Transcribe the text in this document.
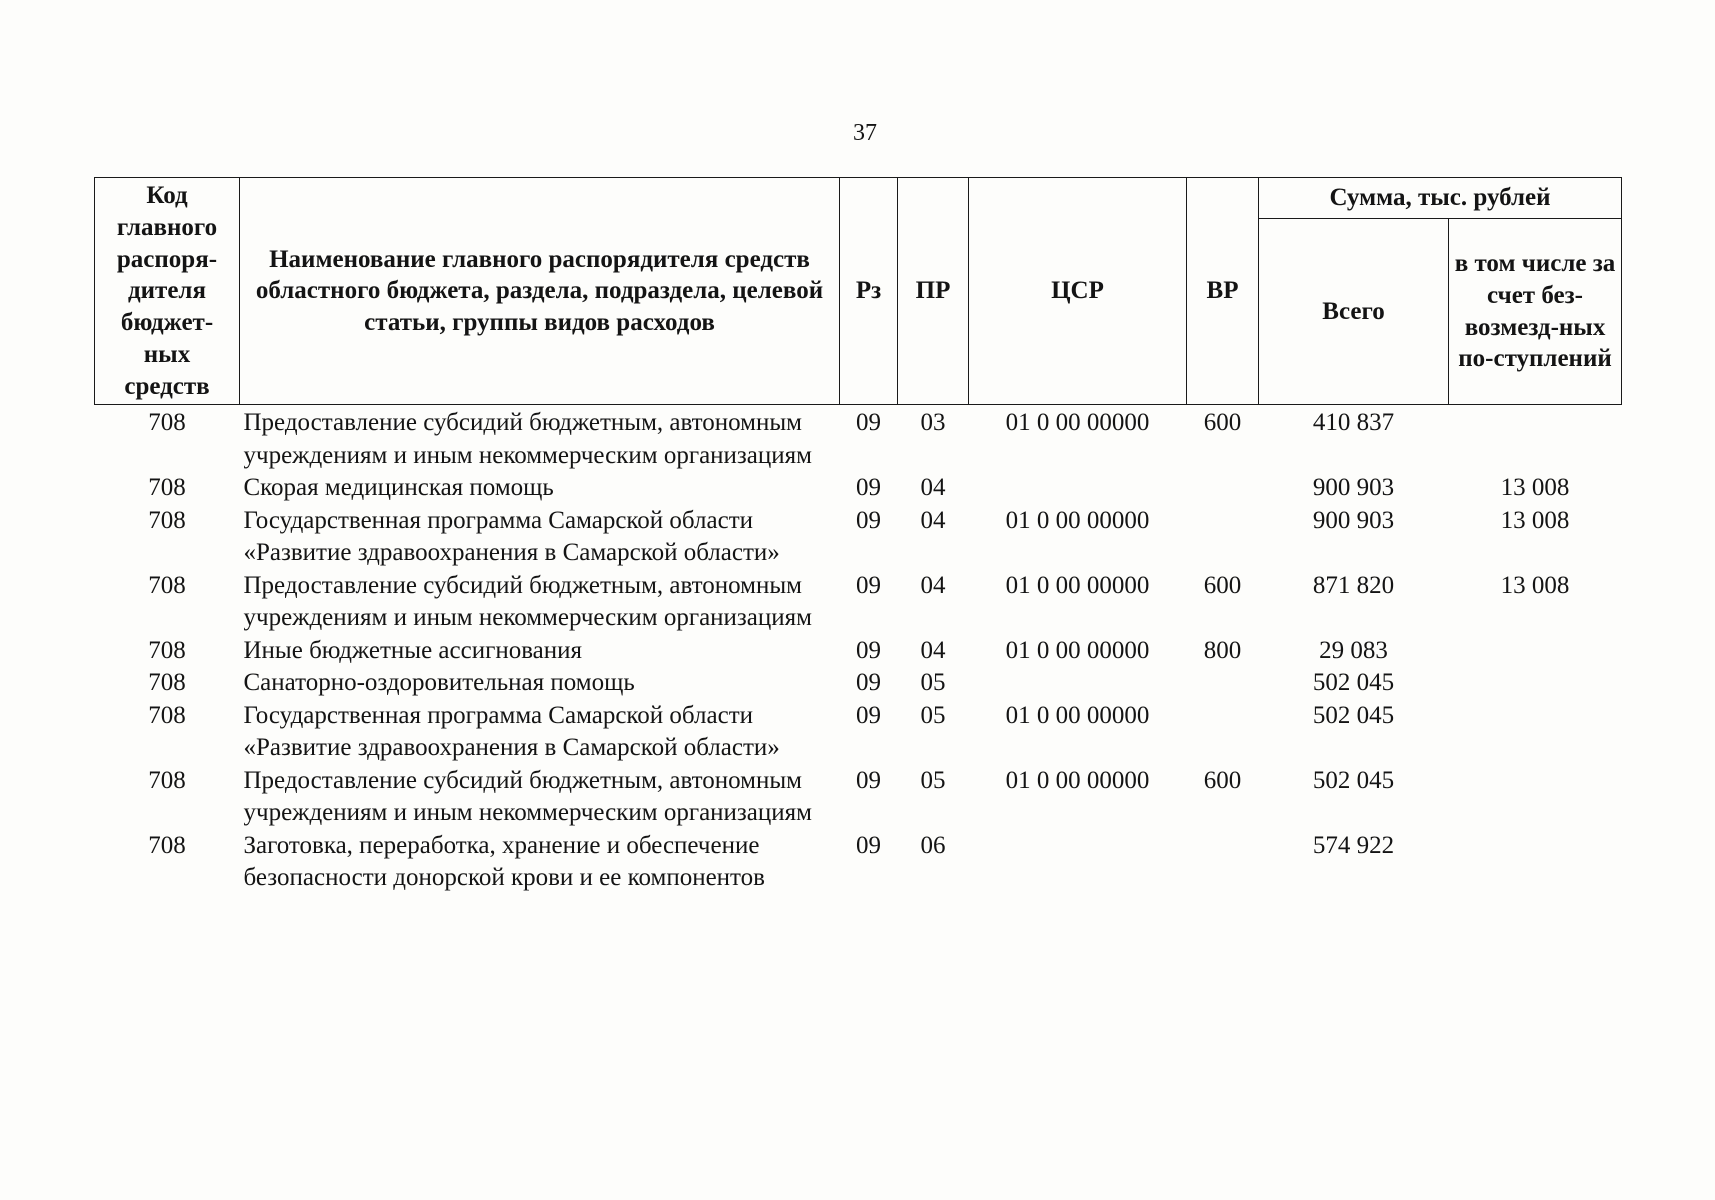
37
Код главного распоря-дителя бюджет-ных средств	Наименование главного распорядителя средств областного бюджета, раздела, подраздела, целевой статьи, группы видов расходов	Рз	ПР	ЦСР	ВР	Сумма, тыс. рублей	
						Всего	в том числе за счет без-возмезд-ных по-ступлений
708	Предоставление субсидий бюджетным, автономным учреждениям и иным некоммерческим организациям	09	03	01 0 00 00000	600	410 837	
708	Скорая медицинская помощь	09	04			900 903	13 008
708	Государственная программа Самарской области «Развитие здравоохранения в Самарской области»	09	04	01 0 00 00000		900 903	13 008
708	Предоставление субсидий бюджетным, автономным учреждениям и иным некоммерческим организациям	09	04	01 0 00 00000	600	871 820	13 008
708	Иные бюджетные ассигнования	09	04	01 0 00 00000	800	29 083	
708	Санаторно-оздоровительная помощь	09	05			502 045	
708	Государственная программа Самарской области «Развитие здравоохранения в Самарской области»	09	05	01 0 00 00000		502 045	
708	Предоставление субсидий бюджетным, автономным учреждениям и иным некоммерческим организациям	09	05	01 0 00 00000	600	502 045	
708	Заготовка, переработка, хранение и обеспечение безопасности донорской крови и ее компонентов	09	06			574 922	
